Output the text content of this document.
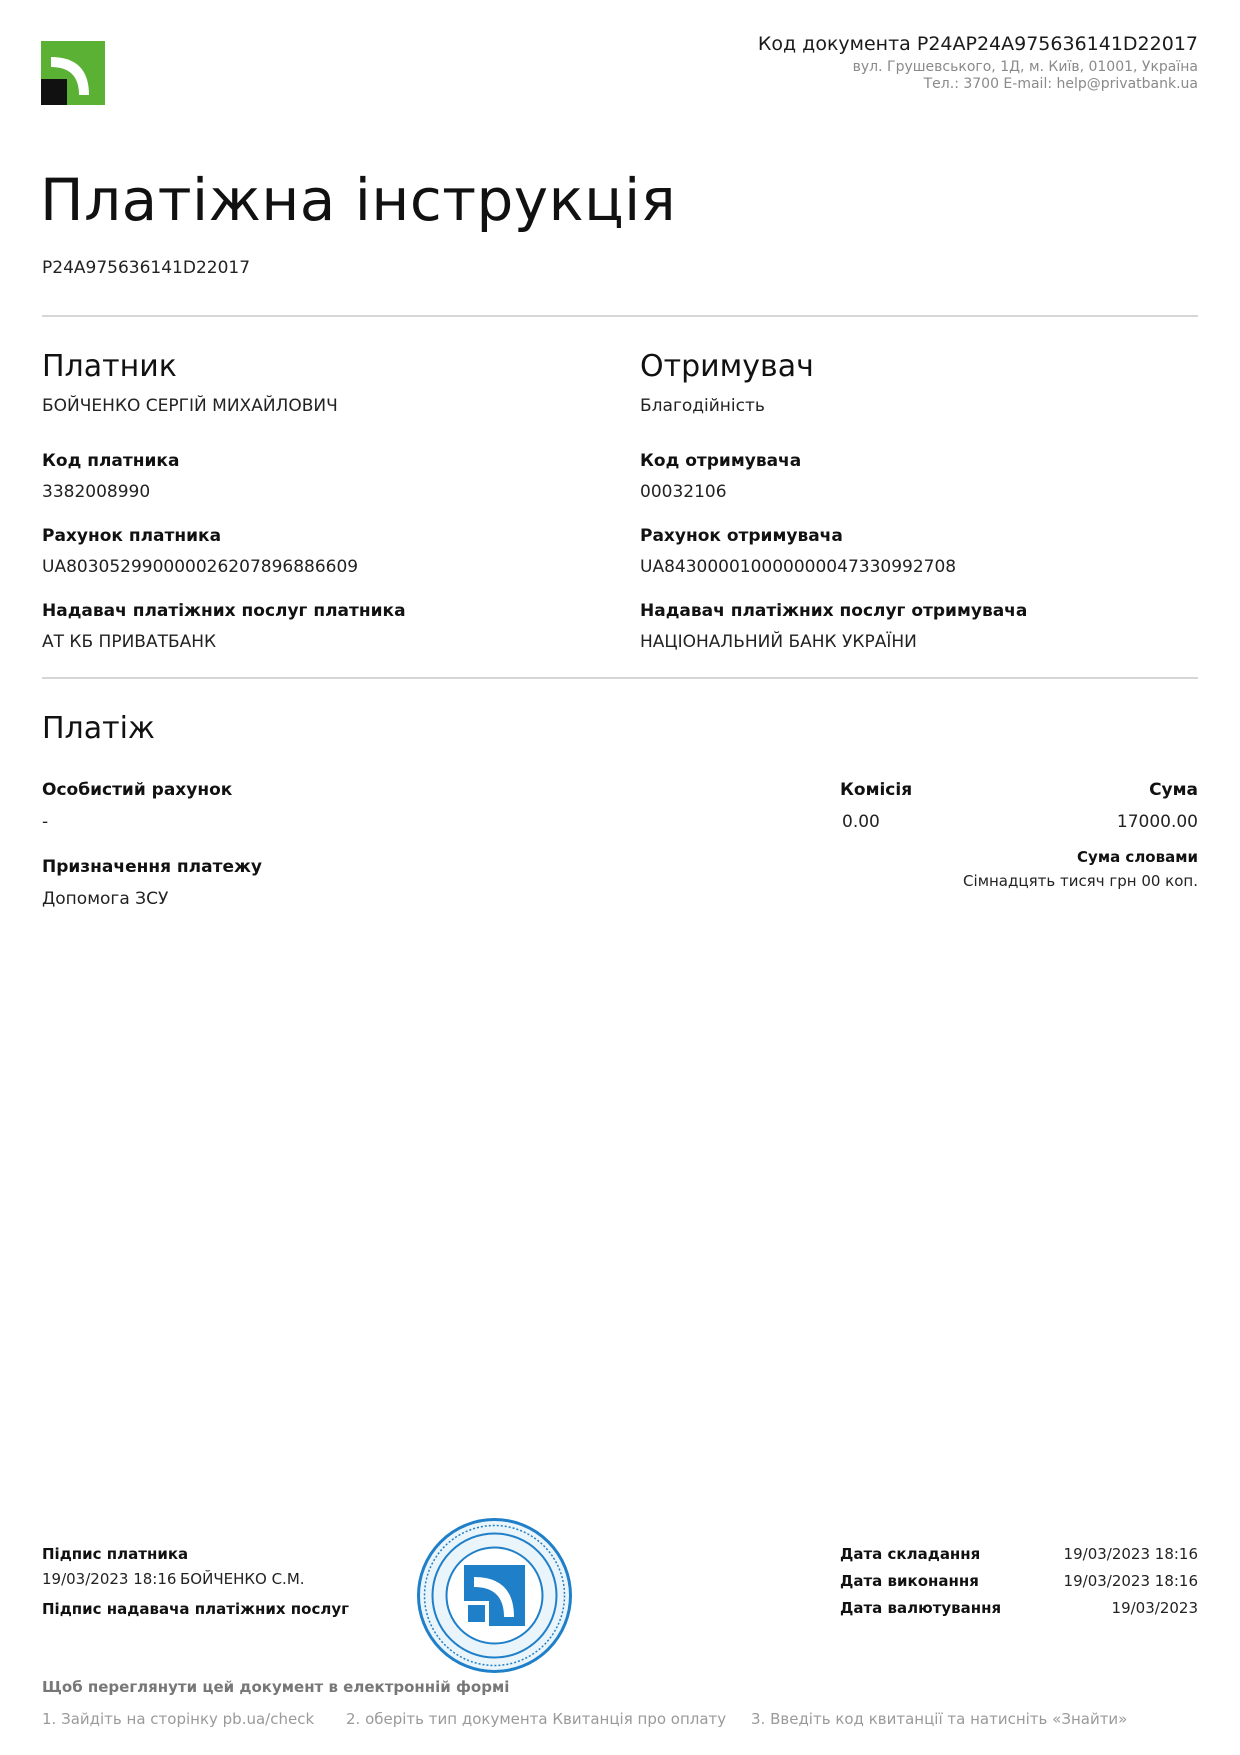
Код документа P24AP24A975636141D22017
вул. Грушевського, 1Д, м. Київ, 01001, Україна
Тел.: 3700 E-mail: help@privatbank.ua
Платіжна інструкція
P24A975636141D22017
Платник
БОЙЧЕНКО СЕРГІЙ МИХАЙЛОВИЧ
Код платника
3382008990
Рахунок платника
UA803052990000026207896886609
Надавач платіжних послуг платника
АТ КБ ПРИВАТБАНК
Отримувач
Благодійність
Код отримувача
00032106
Рахунок отримувача
UA843000010000000047330992708
Надавач платіжних послуг отримувача
НАЦІОНАЛЬНИЙ БАНК УКРАЇНИ
Платіж
Особистий рахунок
-
Призначення платежу
Допомога ЗСУ
Комісія
0.00
Сума
17000.00
Сума словами
Сімнадцять тисяч грн 00 коп.
Підпис платника
19/03/2023 18:16 БОЙЧЕНКО С.М.
Підпис надавача платіжних послуг
Дата складання	19/03/2023 18:16
Дата виконання	19/03/2023 18:16
Дата валютування	19/03/2023
Щоб переглянути цей документ в електронній формі
1. Зайдіть на сторінку pb.ua/check 2. оберіть тип документа Квитанція про оплату 3. Введіть код квитанції та натисніть «Знайти»
